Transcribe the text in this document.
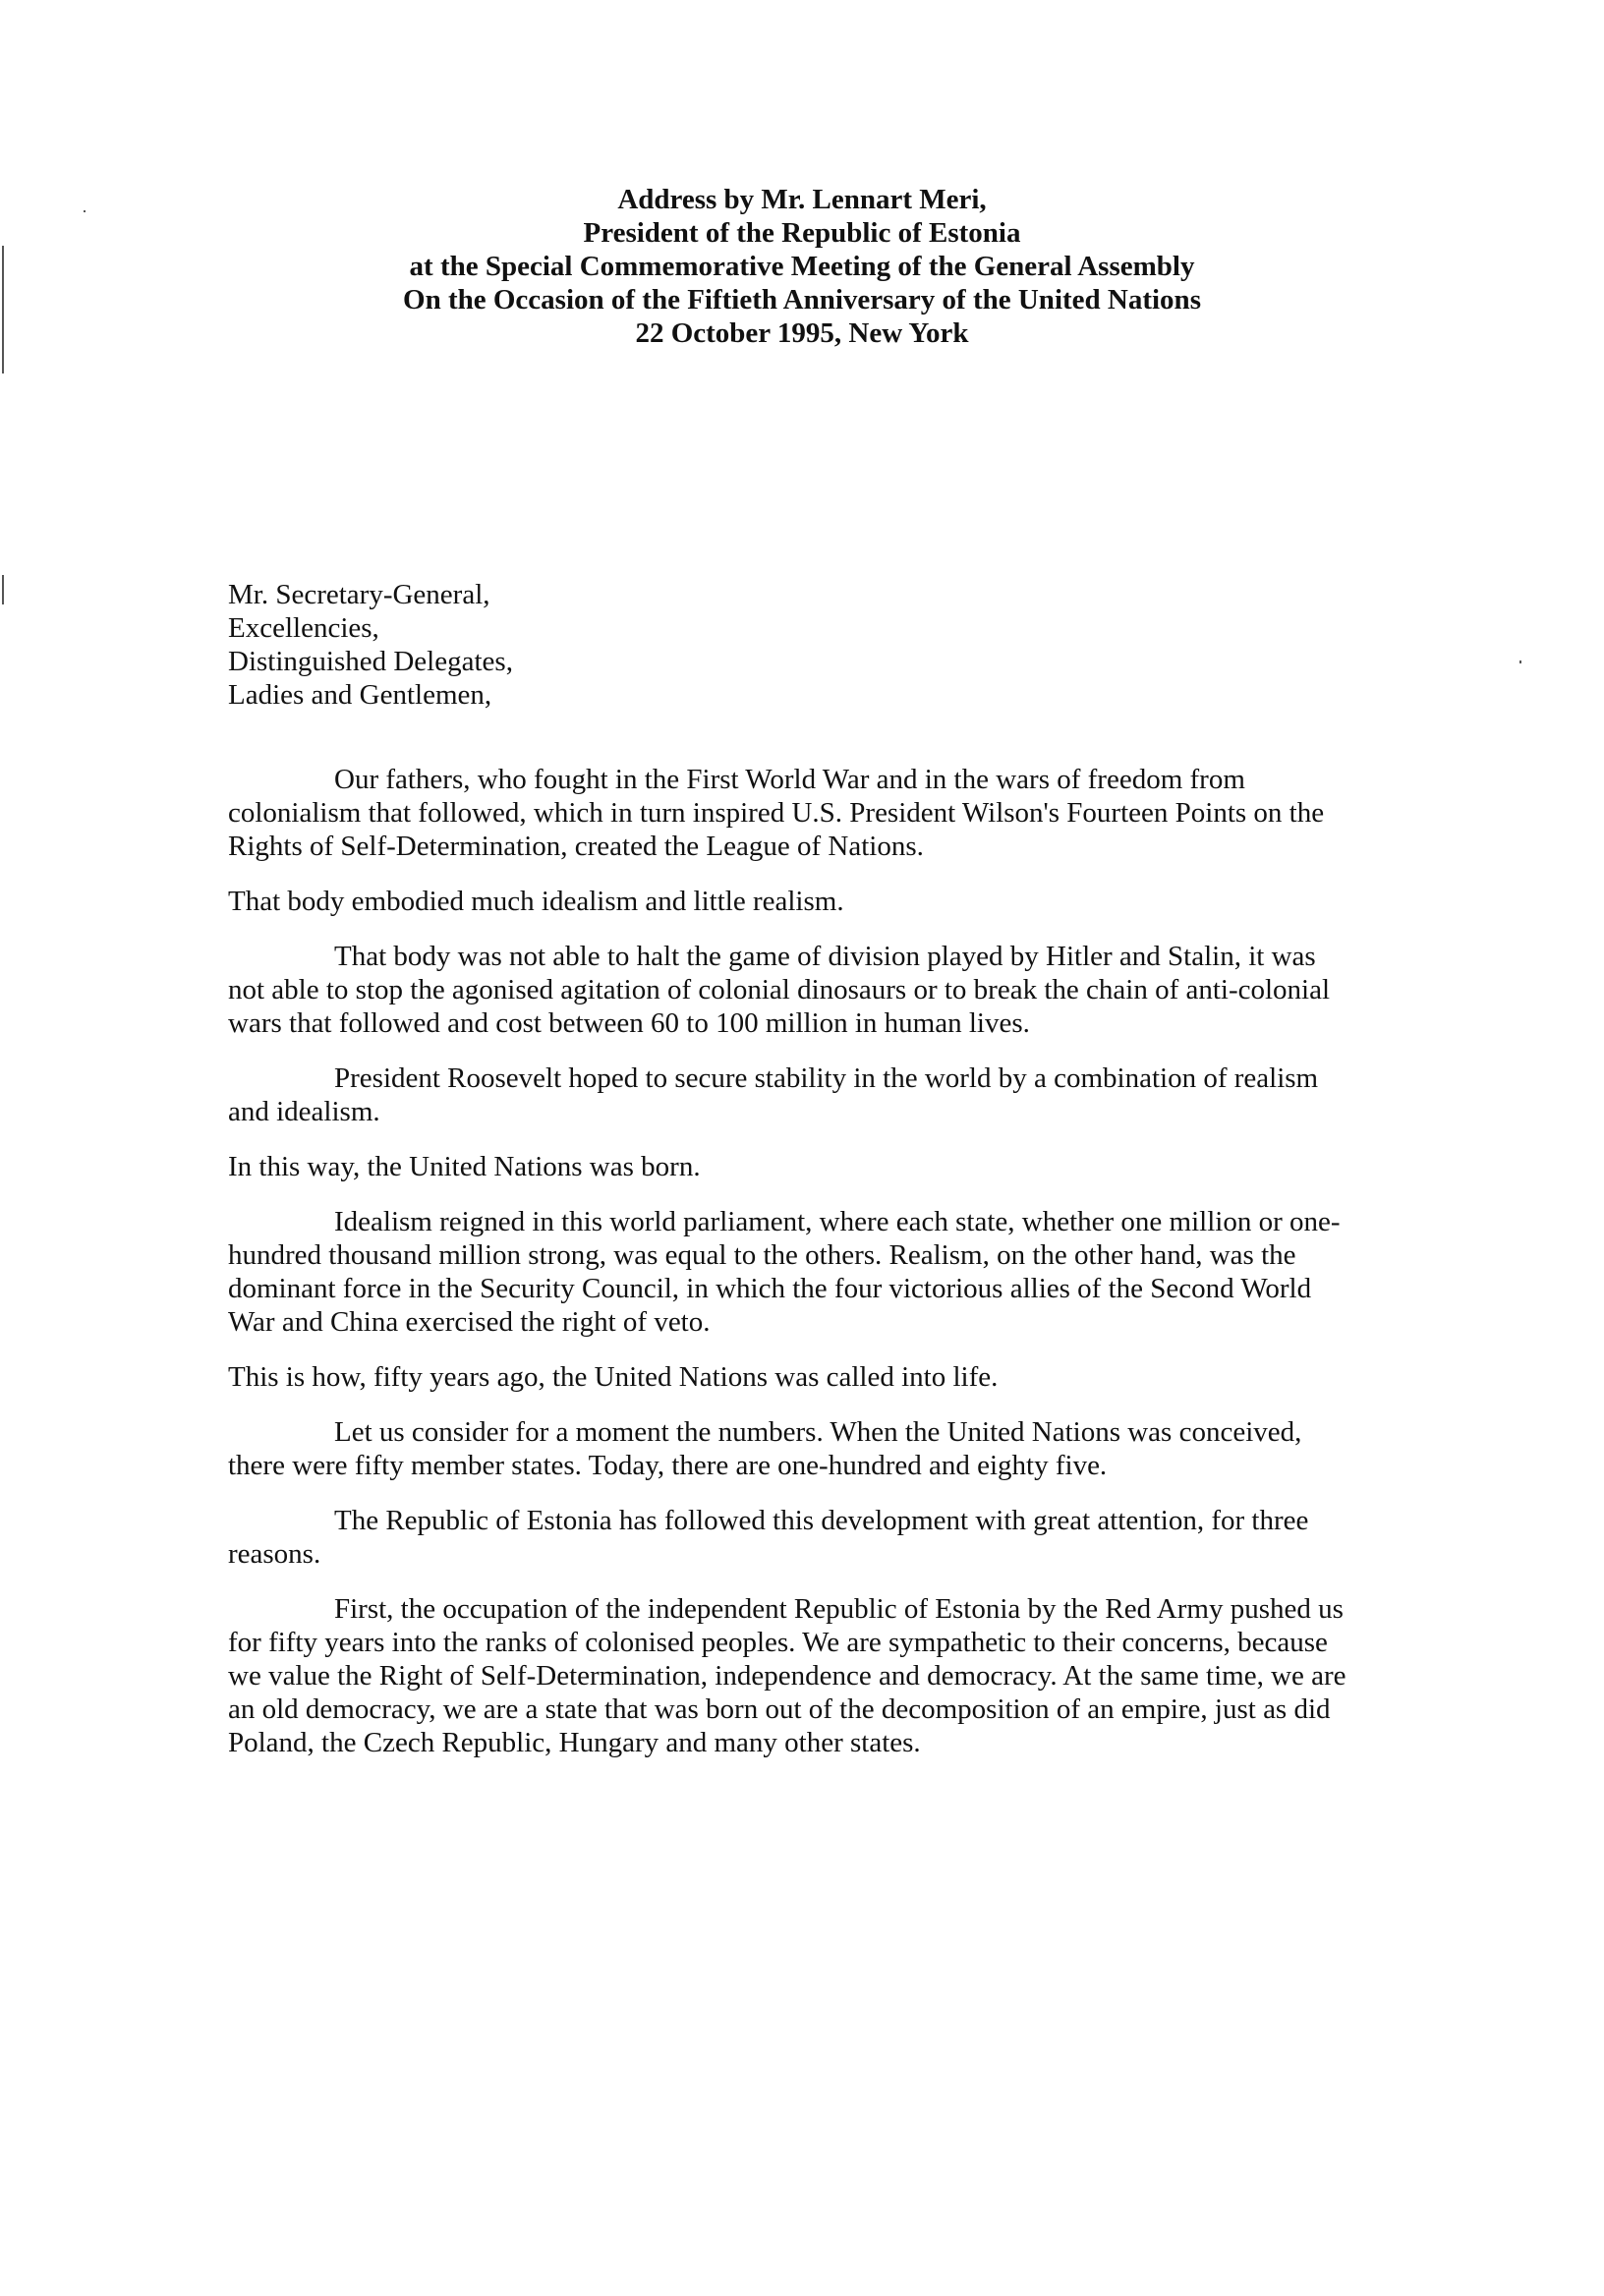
Address by Mr. Lennart Meri,
President of the Republic of Estonia
at the Special Commemorative Meeting of the General Assembly
On the Occasion of the Fiftieth Anniversary of the United Nations
22 October 1995, New York
Mr. Secretary-General,
Excellencies,
Distinguished Delegates,
Ladies and Gentlemen,

Our fathers, who fought in the First World War and in the wars of freedom from colonialism that followed, which in turn inspired U.S. President Wilson's Fourteen Points on the Rights of Self-Determination, created the League of Nations.

That body embodied much idealism and little realism.

That body was not able to halt the game of division played by Hitler and Stalin, it was not able to stop the agonised agitation of colonial dinosaurs or to break the chain of anti-colonial wars that followed and cost between 60 to 100 million in human lives.

President Roosevelt hoped to secure stability in the world by a combination of realism and idealism.

In this way, the United Nations was born.

Idealism reigned in this world parliament, where each state, whether one million or one-hundred thousand million strong, was equal to the others. Realism, on the other hand, was the dominant force in the Security Council, in which the four victorious allies of the Second World War and China exercised the right of veto.

This is how, fifty years ago, the United Nations was called into life.

Let us consider for a moment the numbers. When the United Nations was conceived, there were fifty member states. Today, there are one-hundred and eighty five.

The Republic of Estonia has followed this development with great attention, for three reasons.

First, the occupation of the independent Republic of Estonia by the Red Army pushed us for fifty years into the ranks of colonised peoples. We are sympathetic to their concerns, because we value the Right of Self-Determination, independence and democracy. At the same time, we are an old democracy, we are a state that was born out of the decomposition of an empire, just as did Poland, the Czech Republic, Hungary and many other states.
